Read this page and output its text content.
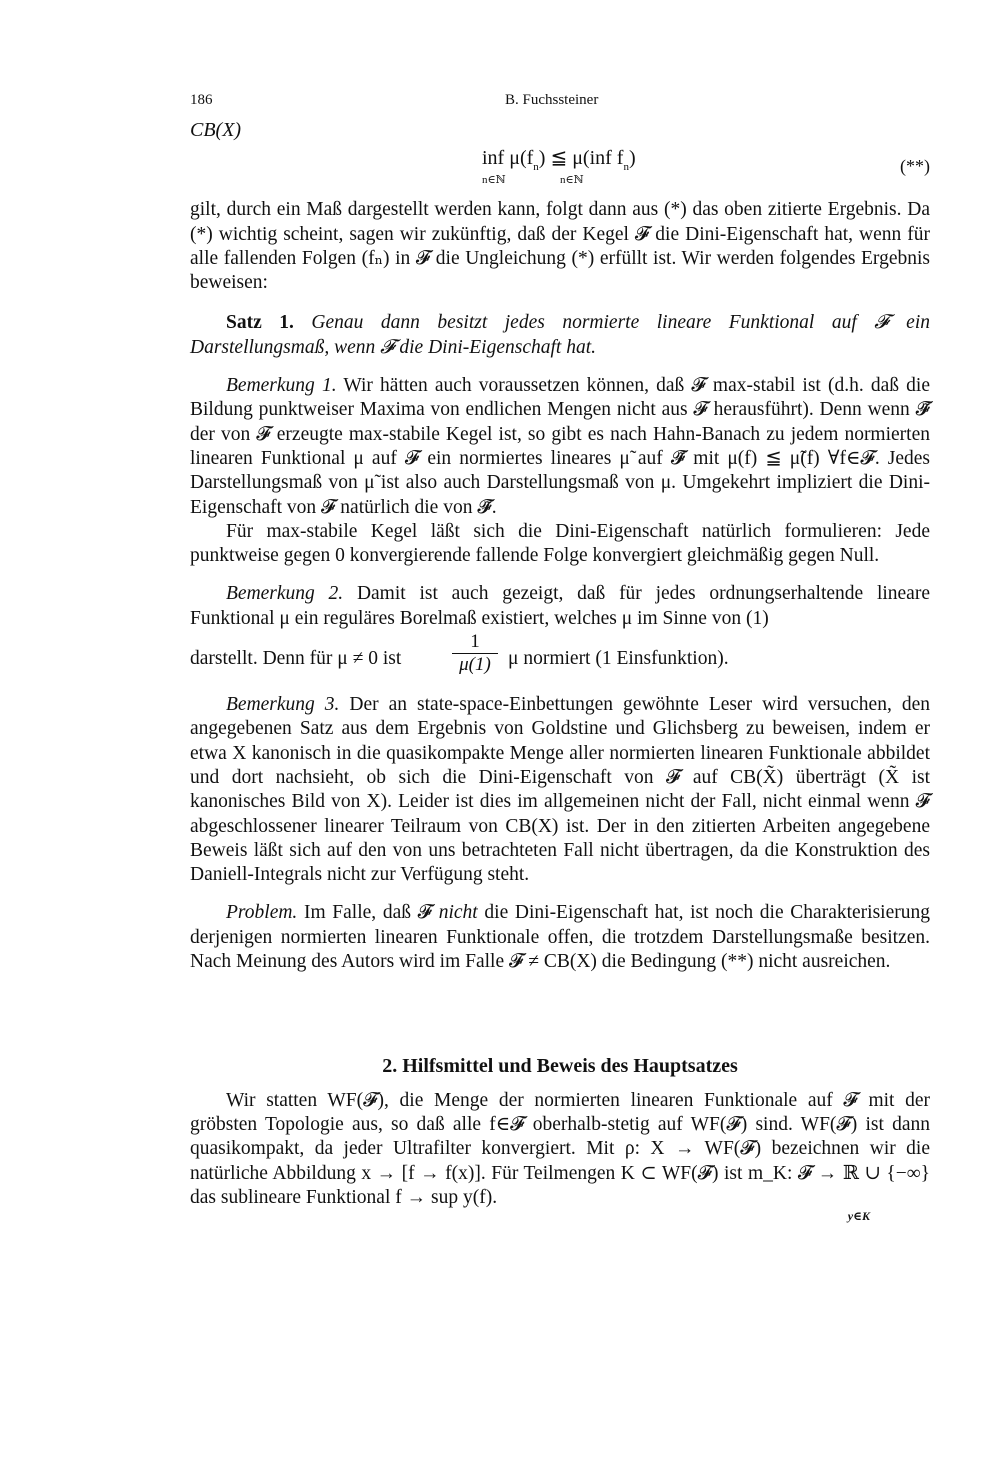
186	B. Fuchssteiner
CB(X)
inf $\mu(f_n)$ ≦ μ(inf $f_n$)
n∈ℕ	n∈ℕ
(**)

gilt, durch ein Maß dargestellt werden kann, folgt dann aus (*) das oben zitierte Ergebnis. Da (*) wichtig scheint, sagen wir zukünftig, daß der Kegel 𝓕 die Dini-Eigenschaft hat, wenn für alle fallenden Folgen (fₙ) in 𝓕 die Ungleichung (*) erfüllt ist. Wir werden folgendes Ergebnis beweisen:

Satz 1. Genau dann besitzt jedes normierte lineare Funktional auf 𝓕 ein Darstellungsmaß, wenn 𝓕 die Dini-Eigenschaft hat.

Bemerkung 1. Wir hätten auch voraussetzen können, daß 𝓕 max-stabil ist (d.h. daß die Bildung punktweiser Maxima von endlichen Mengen nicht aus 𝓕 herausführt). Denn wenn 𝓕̃ der von 𝓕 erzeugte max-stabile Kegel ist, so gibt es nach Hahn-Banach zu jedem normierten linearen Funktional μ auf 𝓕 ein normiertes lineares μ̃ auf 𝓕̃ mit μ(f) ≦ μ̃(f) ∀f∈𝓕. Jedes Darstellungsmaß von μ̃ ist also auch Darstellungsmaß von μ. Umgekehrt impliziert die Dini-Eigenschaft von 𝓕 natürlich die von 𝓕̃.

Für max-stabile Kegel läßt sich die Dini-Eigenschaft natürlich formulieren: Jede punktweise gegen 0 konvergierende fallende Folge konvergiert gleichmäßig gegen Null.

Bemerkung 2. Damit ist auch gezeigt, daß für jedes ordnungserhaltende lineare Funktional μ ein reguläres Borelmaß existiert, welches μ im Sinne von (1)

darstellt. Denn für μ ≠ 0 ist	$\frac{1}{\mu(1)}$ μ normiert (1 Einsfunktion).

Bemerkung 3. Der an state-space-Einbettungen gewöhnte Leser wird versuchen, den angegebenen Satz aus dem Ergebnis von Goldstine und Glichsberg zu beweisen, indem er etwa X kanonisch in die quasikompakte Menge aller normierten linearen Funktionale abbildet und dort nachsieht, ob sich die Dini-Eigenschaft von 𝓕 auf CB(X̃) überträgt (X̃ ist kanonisches Bild von X). Leider ist dies im allgemeinen nicht der Fall, nicht einmal wenn 𝓕 abgeschlossener linearer Teilraum von CB(X) ist. Der in den zitierten Arbeiten angegebene Beweis läßt sich auf den von uns betrachteten Fall nicht übertragen, da die Konstruktion des Daniell-Integrals nicht zur Verfügung steht.

Problem. Im Falle, daß 𝓕 nicht die Dini-Eigenschaft hat, ist noch die Charakterisierung derjenigen normierten linearen Funktionale offen, die trotzdem Darstellungsmaße besitzen. Nach Meinung des Autors wird im Falle 𝓕 ≠ CB(X) die Bedingung (**) nicht ausreichen.

2. Hilfsmittel und Beweis des Hauptsatzes

Wir statten WF(𝓕), die Menge der normierten linearen Funktionale auf 𝓕 mit der gröbsten Topologie aus, so daß alle f∈𝓕 oberhalb-stetig auf WF(𝓕) sind. WF(𝓕) ist dann quasikompakt, da jeder Ultrafilter konvergiert. Mit ρ: X → WF(𝓕) bezeichnen wir die natürliche Abbildung x → [f → f(x)]. Für Teilmengen K ⊂ WF(𝓕) ist m_K: 𝓕 → ℝ ∪ {−∞} das sublineare Funktional f → sup y(f).

y∈K
